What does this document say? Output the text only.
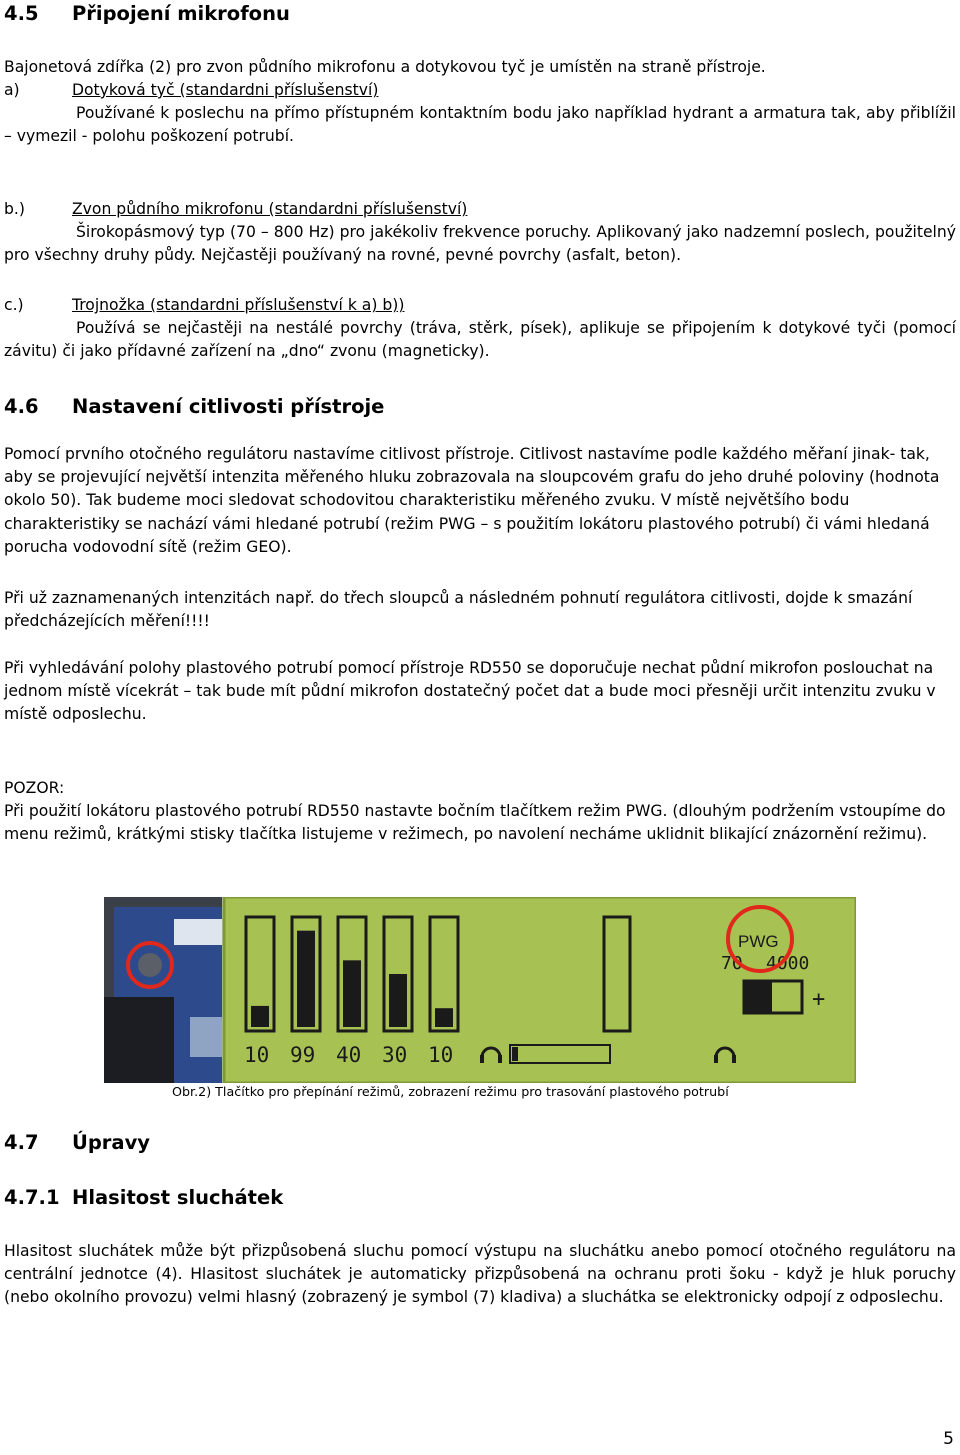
4.5 Připojení mikrofonu
Bajonetová zdířka (2) pro zvon půdního mikrofonu a dotykovou tyč je umístěn na straně přístroje.
a)	Dotyková tyč (standardni příslušenství)
Používané k poslechu na přímo přístupném kontaktním bodu jako například hydrant a armatura tak, aby přiblížil – vymezil - polohu poškození potrubí.
b.)	Zvon půdního mikrofonu (standardni příslušenství)
Širokopásmový typ (70 – 800 Hz) pro jakékoliv frekvence poruchy. Aplikovaný jako nadzemní poslech, použitelný pro všechny druhy půdy. Nejčastěji používaný na rovné, pevné povrchy (asfalt, beton).
c.)	Trojnožka (standardni příslušenství k a) b))
Používá se nejčastěji na nestálé povrchy (tráva, stěrk, písek), aplikuje se připojením k dotykové tyči (pomocí závitu) či jako přídavné zařízení na „dno“ zvonu (magneticky).
4.6 Nastavení citlivosti přístroje
Pomocí prvního otočného regulátoru nastavíme citlivost přístroje. Citlivost nastavíme podle každého měřaní jinak- tak, aby se projevující největší intenzita měřeného hluku zobrazovala na sloupcovém grafu do jeho druhé poloviny (hodnota okolo 50). Tak budeme moci sledovat schodovitou charakteristiku měřeného zvuku. V místě největšího bodu charakteristiky se nachází vámi hledané potrubí (režim PWG – s použitím lokátoru plastového potrubí) či vámi hledaná porucha vodovodní sítě (režim GEO).
Při už zaznamenaných intenzitách např. do třech sloupců a následném pohnutí regulátora citlivosti, dojde k smazání předcházejících měření!!!!
Při vyhledávání polohy plastového potrubí pomocí přístroje RD550 se doporučuje nechat půdní mikrofon poslouchat na jednom místě vícekrát – tak bude mít půdní mikrofon dostatečný počet dat a bude moci přesněji určit intenzitu zvuku v místě odposlechu.
POZOR:
Při použití lokátoru plastového potrubí RD550 nastavte bočním tlačítkem režim PWG. (dlouhým podržením vstoupíme do menu režimů, krátkými stisky tlačítka listujeme v režimech, po navolení necháme uklidnit blikající znázornění režimu).
10 99 40 30 10
+
PWG
70 4000
Obr.2) Tlačítko pro přepínání režimů, zobrazení režimu pro trasování plastového potrubí
4.7 Úpravy
4.7.1 Hlasitost sluchátek
Hlasitost sluchátek může být přizpůsobená sluchu pomocí výstupu na sluchátku anebo pomocí otočného regulátoru na centrální jednotce (4). Hlasitost sluchátek je automaticky přizpůsobená na ochranu proti šoku - když je hluk poruchy (nebo okolního provozu) velmi hlasný (zobrazený je symbol (7) kladiva) a sluchátka se elektronicky odpojí z odposlechu.
5
